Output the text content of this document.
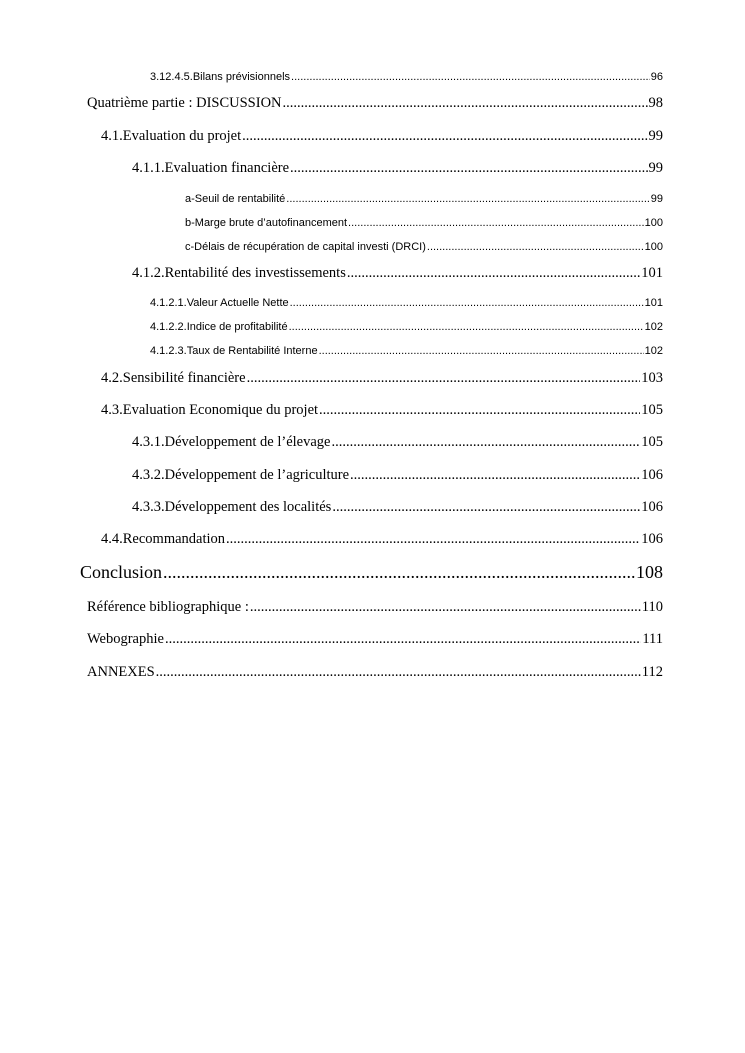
3.12.4.5. Bilans prévisionnels .....	96
Quatrième partie : DISCUSSION .....	98
4.1. Evaluation du projet .....	99
4.1.1. Evaluation financière .....	99
a- Seuil de rentabilité .....	99
b- Marge brute d’autofinancement .....	100
c- Délais de récupération de capital investi (DRCI) .....	100
4.1.2. Rentabilité des investissements .....	101
4.1.2.1. Valeur Actuelle Nette .....	101
4.1.2.2. Indice de profitabilité .....	102
4.1.2.3. Taux de Rentabilité Interne .....	102
4.2. Sensibilité financière .....	103
4.3. Evaluation Economique du projet .....	105
4.3.1. Développement de l’élevage .....	105
4.3.2. Développement de l’agriculture .....	106
4.3.3. Développement des localités .....	106
4.4. Recommandation .....	106
Conclusion .....	108
Référence bibliographique : .....	110
Webographie .....	111
ANNEXES .....	112
